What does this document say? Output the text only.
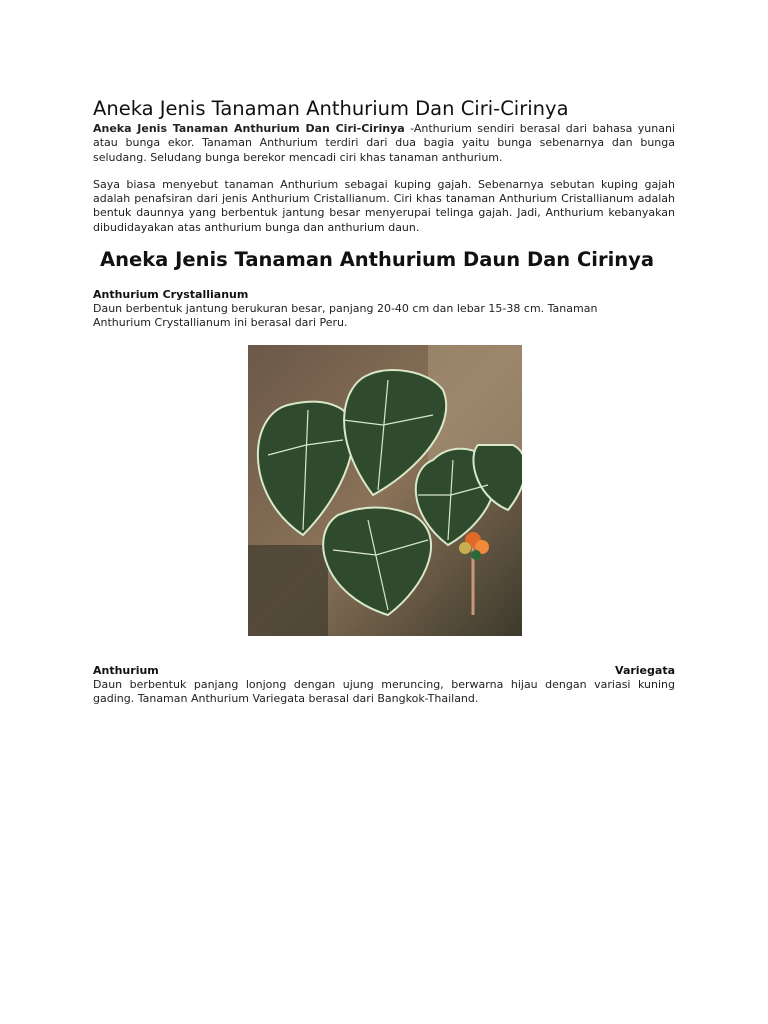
Aneka Jenis Tanaman Anthurium Dan Ciri-Cirinya

Aneka Jenis Tanaman Anthurium Dan Ciri-Cirinya -Anthurium sendiri berasal dari bahasa yunani atau bunga ekor. Tanaman Anthurium terdiri dari dua bagia yaitu bunga sebenarnya dan bunga seludang. Seludang bunga berekor mencadi ciri khas tanaman anthurium.

Saya biasa menyebut tanaman Anthurium sebagai kuping gajah. Sebenarnya sebutan kuping gajah adalah penafsiran dari jenis Anthurium Cristallianum. Ciri khas tanaman Anthurium Cristallianum adalah bentuk daunnya yang berbentuk jantung besar menyerupai telinga gajah. Jadi, Anthurium kebanyakan dibudidayakan atas anthurium bunga dan anthurium daun.

Aneka Jenis Tanaman Anthurium Daun Dan Cirinya
Anthurium Crystallianum

Daun berbentuk jantung berukuran besar, panjang 20-40 cm dan lebar 15-38 cm. Tanaman Anthurium Crystallianum ini berasal dari Peru.

Anthurium	Variegata

Daun berbentuk panjang lonjong dengan ujung meruncing, berwarna hijau dengan variasi kuning gading. Tanaman Anthurium Variegata berasal dari Bangkok-Thailand.
